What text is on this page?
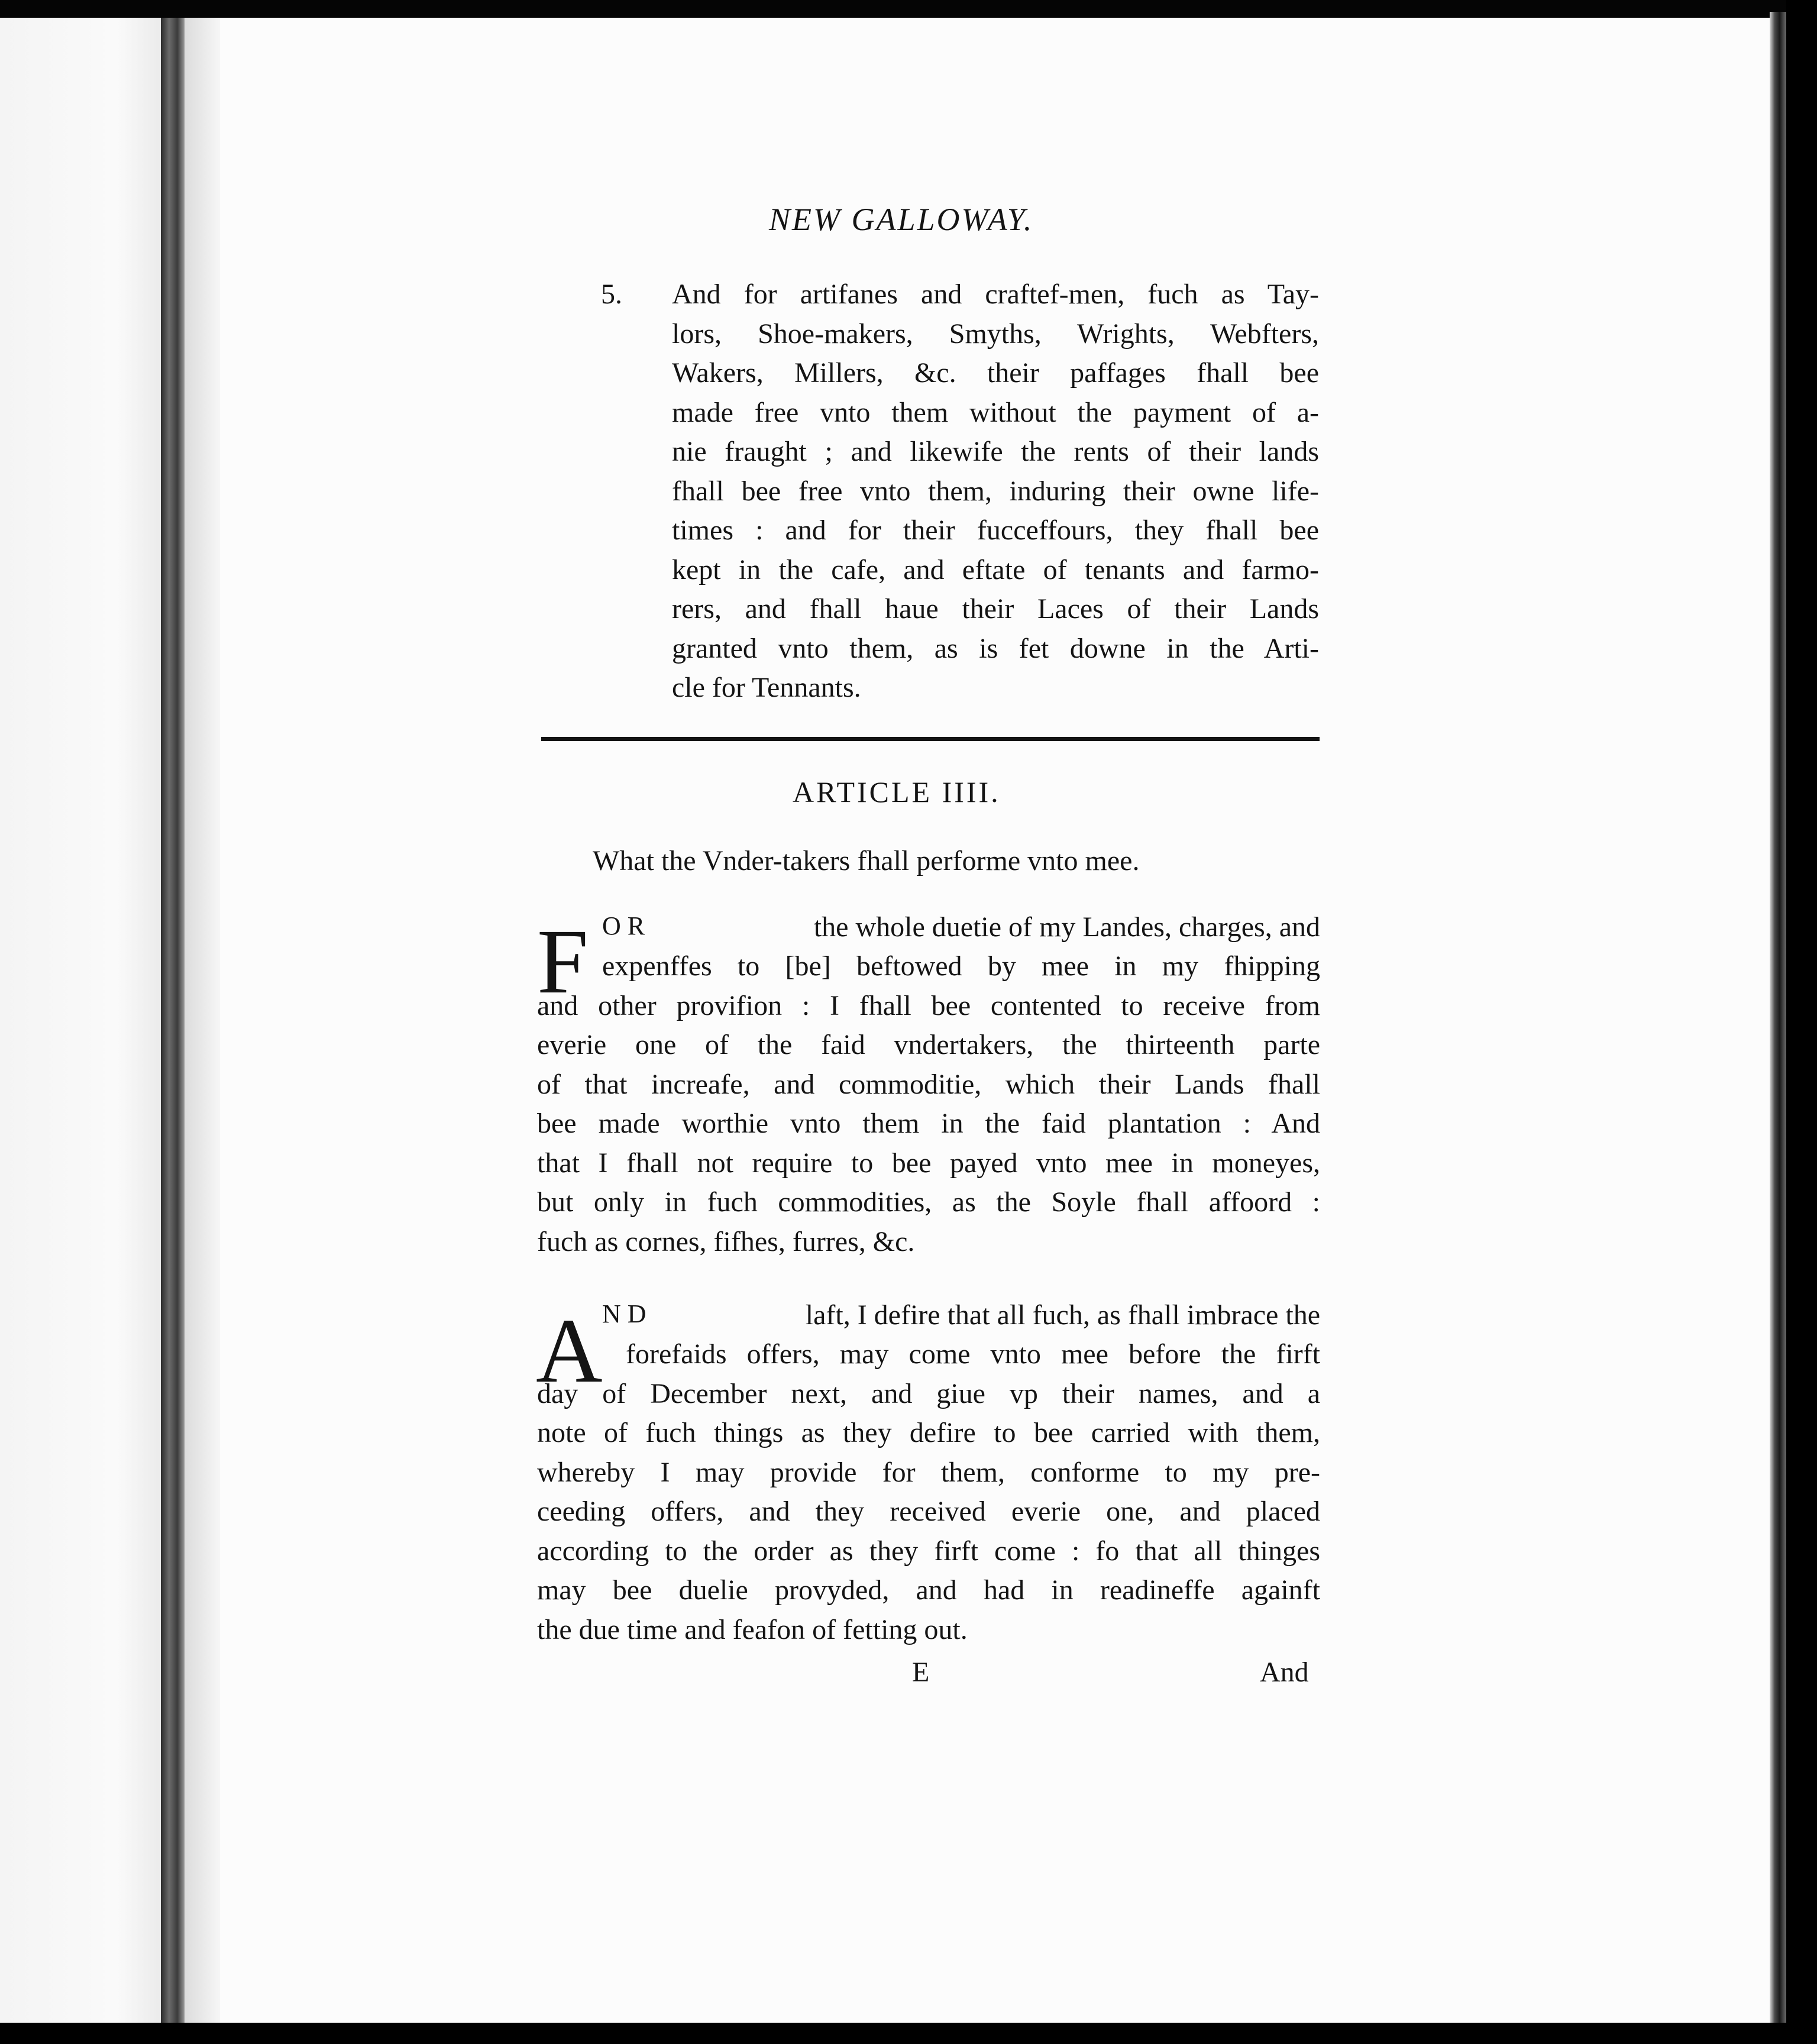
NEW GALLOWAY.
5. And for artifanes and craftef-men, fuch as Tay-
lors, Shoe-makers, Smyths, Wrights, Webfters,
Wakers, Millers, &c. their paffages fhall bee
made free vnto them without the payment of a-
nie fraught ; and likewife the rents of their lands
fhall bee free vnto them, induring their owne life-
times : and for their fucceffours, they fhall bee
kept in the cafe, and eftate of tenants and farmo-
rers, and fhall haue their Laces of their Lands
granted vnto them, as is fet downe in the Arti-
cle for Tennants.
ARTICLE IIII.
What the Vnder-takers fhall performe vnto mee.
F O R	the whole duetie of my Landes, charges, and
expenffes to [be] beftowed by mee in my fhipping
and other provifion : I fhall bee contented to receive from
everie one of the faid vndertakers, the thirteenth parte
of that increafe, and commoditie, which their Lands fhall
bee made worthie vnto them in the faid plantation : And
that I fhall not require to bee payed vnto mee in moneyes,
but only in fuch commodities, as the Soyle fhall affoord :
fuch as cornes, fifhes, furres, &c.
A N D	laft, I defire that all fuch, as fhall imbrace the
forefaids offers, may come vnto mee before the firft
day of December next, and giue vp their names, and a
note of fuch things as they defire to bee carried with them,
whereby I may provide for them, conforme to my pre-
ceeding offers, and they received everie one, and placed
according to the order as they firft come : fo that all thinges
may bee duelie provyded, and had in readineffe againft
the due time and feafon of fetting out.
E	And
